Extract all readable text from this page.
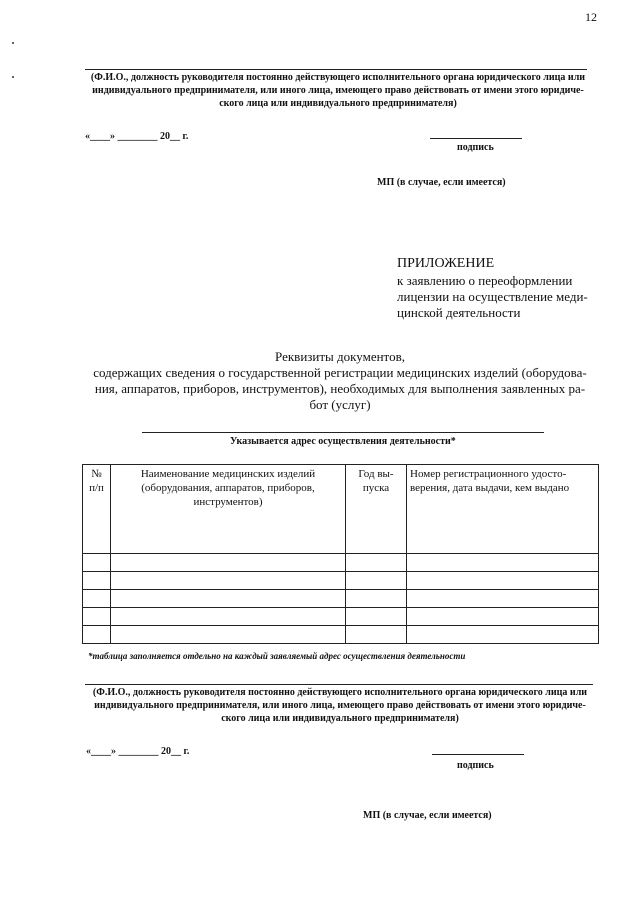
12
(Ф.И.О., должность руководителя постоянно действующего исполнительного органа юридического лица или
индивидуального предпринимателя, или иного лица, имеющего право действовать от имени этого юридиче-
ского лица или индивидуального предпринимателя)
«____» ________ 20__ г.
подпись
МП (в случае, если имеется)
ПРИЛОЖЕНИЕ
к заявлению о переоформлении
лицензии на осуществление меди-
цинской деятельности
Реквизиты документов,
содержащих сведения о государственной регистрации медицинских изделий (оборудова-
ния, аппаратов, приборов, инструментов), необходимых для выполнения заявленных ра-
бот (услуг)
Указывается адрес осуществления деятельности*
№ п/п	Наименование медицинских изделий (оборудования, аппаратов, приборов, инструментов)	Год вы-пуска	Номер регистрационного удосто-верения, дата выдачи, кем выдано

*таблица заполняется отдельно на каждый заявляемый адрес осуществления деятельности
(Ф.И.О., должность руководителя постоянно действующего исполнительного органа юридического лица или
индивидуального предпринимателя, или иного лица, имеющего право действовать от имени этого юридиче-
ского лица или индивидуального предпринимателя)
«____» ________ 20__ г.
подпись
МП (в случае, если имеется)
